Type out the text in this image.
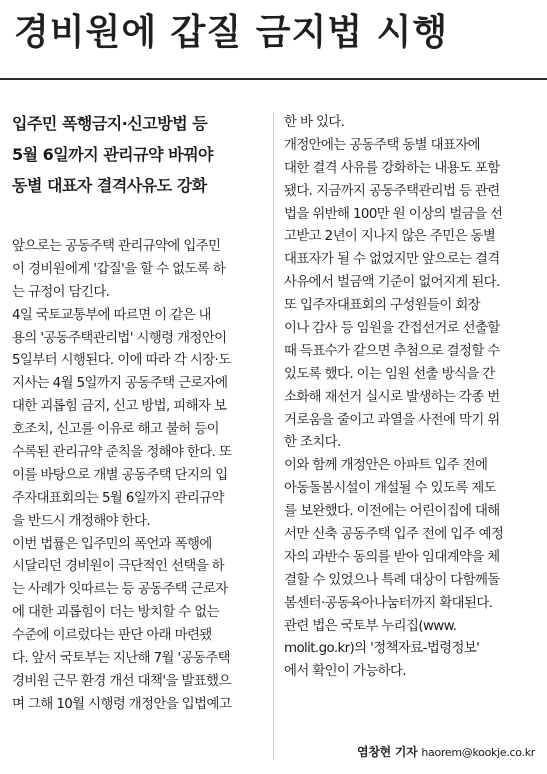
경비원에 갑질 금지법 시행
입주민 폭행금지·신고방법 등
5월 6일까지 관리규약 바꿔야
동별 대표자 결격사유도 강화
앞으로는 공동주택 관리규약에 입주민
이 경비원에게 '갑질'을 할 수 없도록 하
는 규정이 담긴다.
4일 국토교통부에 따르면 이 같은 내
용의 '공동주택관리법' 시행령 개정안이
5일부터 시행된다. 이에 따라 각 시장·도
지사는 4월 5일까지 공동주택 근로자에
대한 괴롭힘 금지, 신고 방법, 피해자 보
호조치, 신고를 이유로 해고 불허 등이
수록된 관리규약 준칙을 정해야 한다. 또
이를 바탕으로 개별 공동주택 단지의 입
주자대표회의는 5월 6일까지 관리규약
을 반드시 개정해야 한다.
이번 법률은 입주민의 폭언과 폭행에
시달리던 경비원이 극단적인 선택을 하
는 사례가 잇따르는 등 공동주택 근로자
에 대한 괴롭힘이 더는 방치할 수 없는
수준에 이르렀다는 판단 아래 마련됐
다. 앞서 국토부는 지난해 7월 '공동주택
경비원 근무 환경 개선 대책'을 발표했으
며 그해 10월 시행령 개정안을 입법예고
한 바 있다.
개정안에는 공동주택 동별 대표자에
대한 결격 사유를 강화하는 내용도 포함
됐다. 지금까지 공동주택관리법 등 관련
법을 위반해 100만 원 이상의 벌금을 선
고받고 2년이 지나지 않은 주민은 동별
대표자가 될 수 없었지만 앞으로는 결격
사유에서 벌금액 기준이 없어지게 된다.
또 입주자대표회의 구성원들이 회장
이나 감사 등 임원을 간접선거로 선출할
때 득표수가 같으면 추첨으로 결정할 수
있도록 했다. 이는 임원 선출 방식을 간
소화해 재선거 실시로 발생하는 각종 번
거로움을 줄이고 과열을 사전에 막기 위
한 조치다.
이와 함께 개정안은 아파트 입주 전에
아동돌봄시설이 개설될 수 있도록 제도
를 보완했다. 이전에는 어린이집에 대해
서만 신축 공동주택 입주 전에 입주 예정
자의 과반수 동의를 받아 임대계약을 체
결할 수 있었으나 특례 대상이 다함께돌
봄센터·공동육아나눔터까지 확대된다.
관련 법은 국토부 누리집(www.
molit.go.kr)의 '정책자료-법령정보'
에서 확인이 가능하다.
염창현 기자 haorem@kookje.co.kr
